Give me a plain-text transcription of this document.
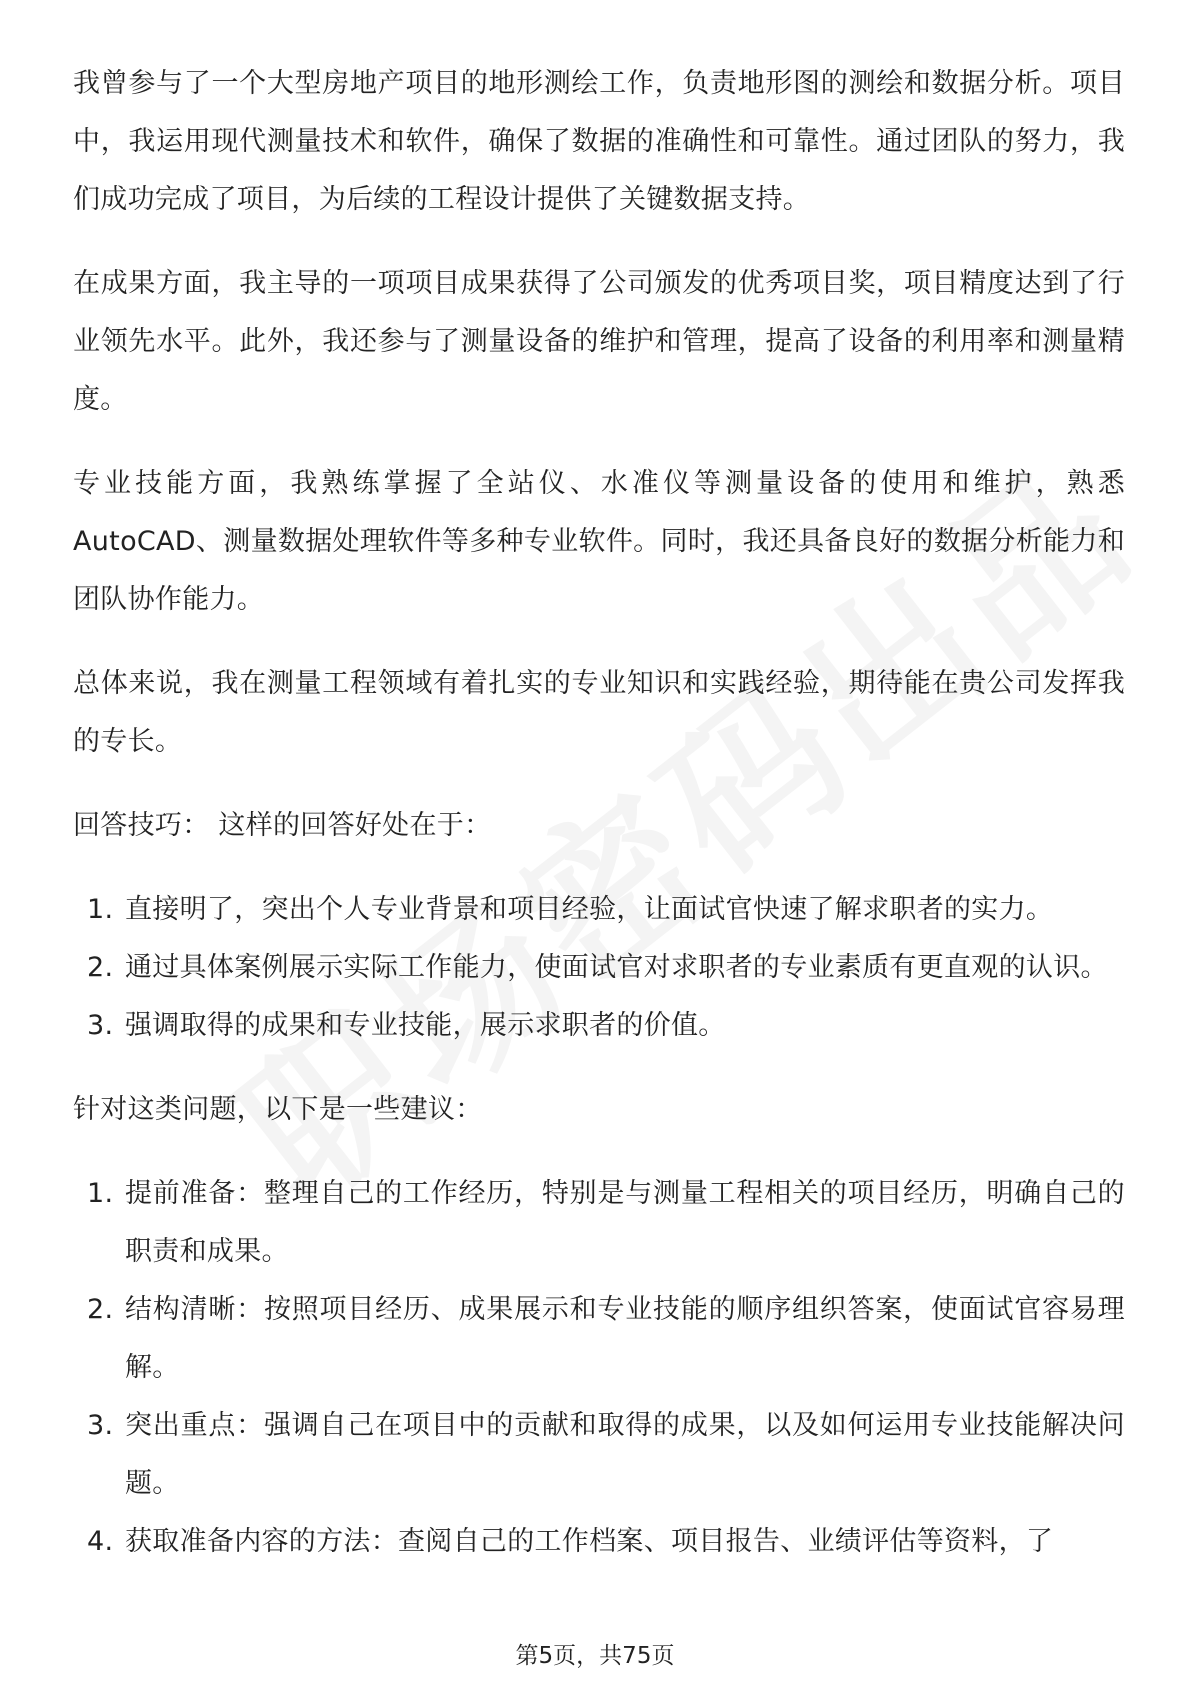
我曾参与了一个大型房地产项目的地形测绘工作，负责地形图的测绘和数据分析。项目中，我运用现代测量技术和软件，确保了数据的准确性和可靠性。通过团队的努力，我们成功完成了项目，为后续的工程设计提供了关键数据支持。

在成果方面，我主导的一项项目成果获得了公司颁发的优秀项目奖，项目精度达到了行业领先水平。此外，我还参与了测量设备的维护和管理，提高了设备的利用率和测量精度。

专业技能方面，我熟练掌握了全站仪、水准仪等测量设备的使用和维护，熟悉AutoCAD、测量数据处理软件等多种专业软件。同时，我还具备良好的数据分析能力和团队协作能力。

总体来说，我在测量工程领域有着扎实的专业知识和实践经验，期待能在贵公司发挥我的专长。

回答技巧： 这样的回答好处在于：

1. 直接明了，突出个人专业背景和项目经验，让面试官快速了解求职者的实力。
2. 通过具体案例展示实际工作能力，使面试官对求职者的专业素质有更直观的认识。
3. 强调取得的成果和专业技能，展示求职者的价值。

针对这类问题，以下是一些建议：

1. 提前准备：整理自己的工作经历，特别是与测量工程相关的项目经历，明确自己的职责和成果。
2. 结构清晰：按照项目经历、成果展示和专业技能的顺序组织答案，使面试官容易理解。
3. 突出重点：强调自己在项目中的贡献和取得的成果，以及如何运用专业技能解决问题。
4. 获取准备内容的方法：查阅自己的工作档案、项目报告、业绩评估等资料，了
第5页，共75页
